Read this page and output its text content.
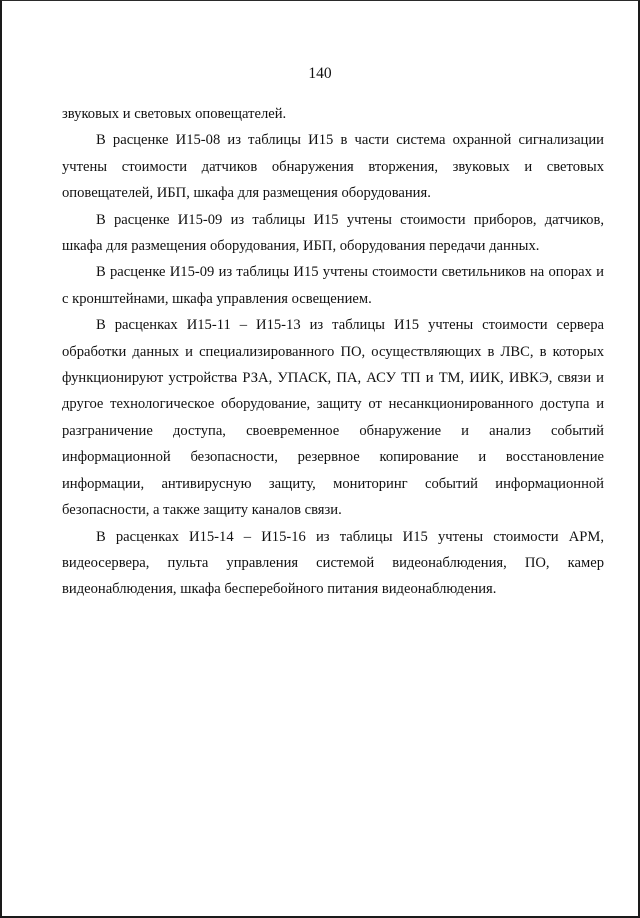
140

звуковых и световых оповещателей.

В расценке И15-08 из таблицы И15 в части система охранной сигнализации учтены стоимости датчиков обнаружения вторжения, звуковых и световых оповещателей, ИБП, шкафа для размещения оборудования.

В расценке И15-09 из таблицы И15 учтены стоимости приборов, датчиков, шкафа для размещения оборудования, ИБП, оборудования передачи данных.

В расценке И15-09 из таблицы И15 учтены стоимости светильников на опорах и с кронштейнами, шкафа управления освещением.

В расценках И15-11 – И15-13 из таблицы И15 учтены стоимости сервера обработки данных и специализированного ПО, осуществляющих в ЛВС, в которых функционируют устройства РЗА, УПАСК, ПА, АСУ ТП и ТМ, ИИК, ИВКЭ, связи и другое технологическое оборудование, защиту от несанкционированного доступа и разграничение доступа, своевременное обнаружение и анализ событий информационной безопасности, резервное копирование и восстановление информации, антивирусную защиту, мониторинг событий информационной безопасности, а также защиту каналов связи.

В расценках И15-14 – И15-16 из таблицы И15 учтены стоимости АРМ, видеосервера, пульта управления системой видеонаблюдения, ПО, камер видеонаблюдения, шкафа бесперебойного питания видеонаблюдения.
